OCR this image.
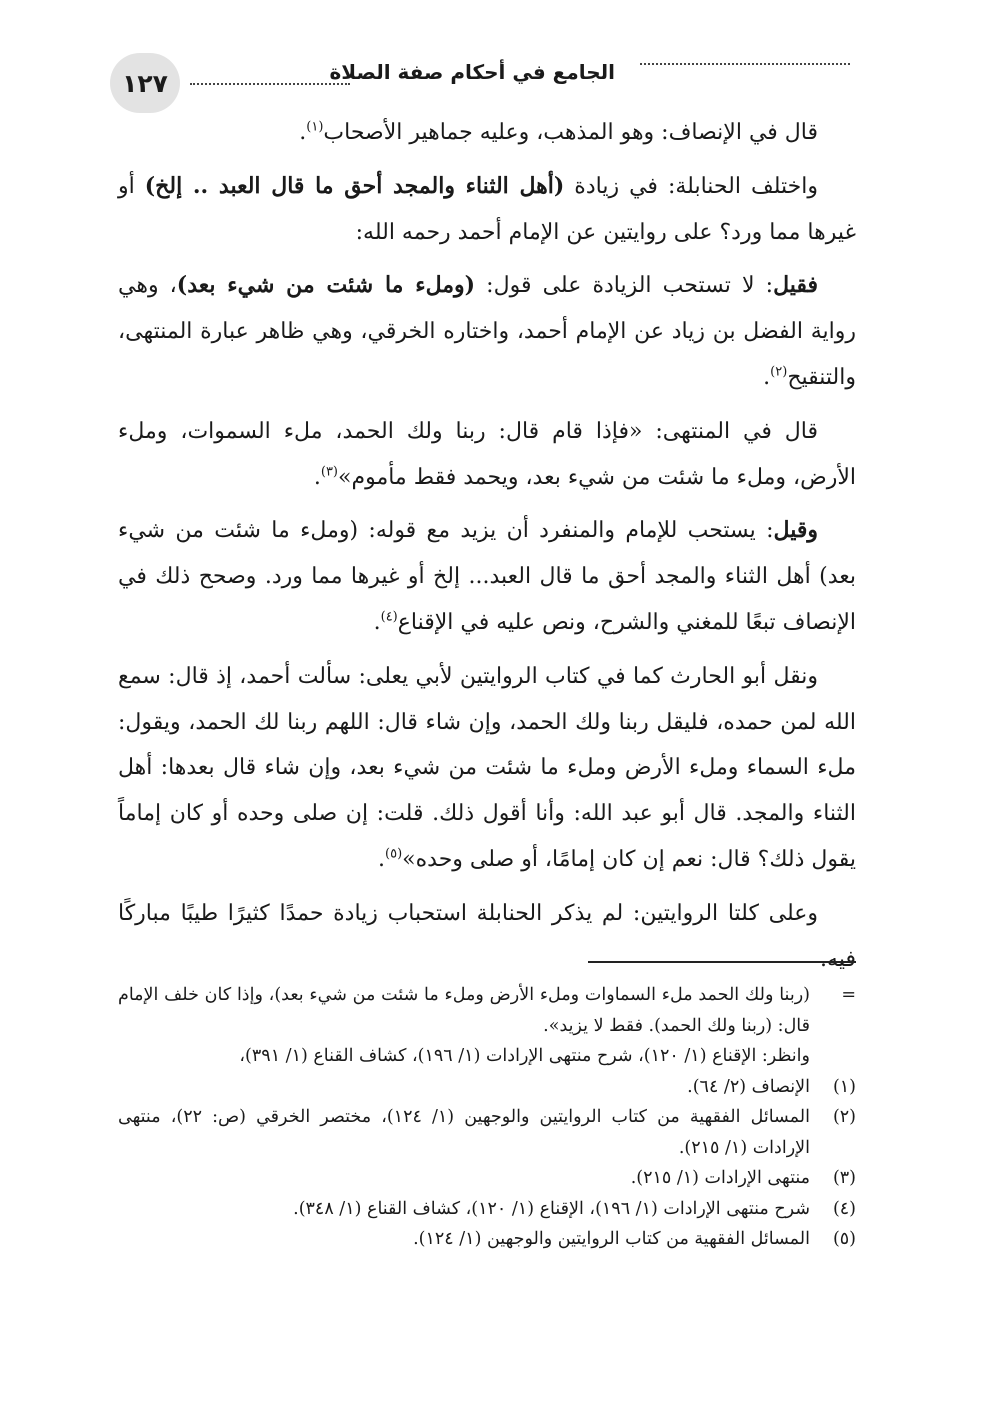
١٢٧	الجامع في أحكام صفة الصلاة

قال في الإنصاف: وهو المذهب، وعليه جماهير الأصحاب$^{(١)}$.

واختلف الحنابلة: في زيادة (أهل الثناء والمجد أحق ما قال العبد .. إلخ) أو غيرها مما ورد؟ على روايتين عن الإمام أحمد رحمه الله:

فقيل: لا تستحب الزيادة على قول: (وملء ما شئت من شيء بعد)، وهي رواية الفضل بن زياد عن الإمام أحمد، واختاره الخرقي، وهي ظاهر عبارة المنتهى، والتنقيح$^{(٢)}$.

قال في المنتهى: «فإذا قام قال: ربنا ولك الحمد، ملء السموات، وملء الأرض، وملء ما شئت من شيء بعد، ويحمد فقط مأموم»$^{(٣)}$.

وقيل: يستحب للإمام والمنفرد أن يزيد مع قوله: (وملء ما شئت من شيء بعد) أهل الثناء والمجد أحق ما قال العبد... إلخ أو غيرها مما ورد. وصحح ذلك في الإنصاف تبعًا للمغني والشرح، ونص عليه في الإقناع$^{(٤)}$.

ونقل أبو الحارث كما في كتاب الروايتين لأبي يعلى: سألت أحمد، إذ قال: سمع الله لمن حمده، فليقل ربنا ولك الحمد، وإن شاء قال: اللهم ربنا لك الحمد، ويقول: ملء السماء وملء الأرض وملء ما شئت من شيء بعد، وإن شاء قال بعدها: أهل الثناء والمجد. قال أبو عبد الله: وأنا أقول ذلك. قلت: إن صلى وحده أو كان إماماً يقول ذلك؟ قال: نعم إن كان إمامًا، أو صلى وحده»$^{(٥)}$.

وعلى كلتا الروايتين: لم يذكر الحنابلة استحباب زيادة حمدًا كثيرًا طيبًا مباركًا فيه.

=
(ربنا ولك الحمد ملء السماوات وملء الأرض وملء ما شئت من شيء بعد)، وإذا كان خلف الإمام قال: (ربنا ولك الحمد). فقط لا يزيد».
وانظر: الإقناع (١/ ١٢٠)، شرح منتهى الإرادات (١/ ١٩٦)، كشاف القناع (١/ ٣٩١)،
(١)
الإنصاف (٢/ ٦٤).
(٢)
المسائل الفقهية من كتاب الروايتين والوجهين (١/ ١٢٤)، مختصر الخرقي (ص: ٢٢)، منتهى الإرادات (١/ ٢١٥).
(٣)
منتهى الإرادات (١/ ٢١٥).
(٤)
شرح منتهى الإرادات (١/ ١٩٦)، الإقناع (١/ ١٢٠)، كشاف القناع (١/ ٣٤٨).
(٥)
المسائل الفقهية من كتاب الروايتين والوجهين (١/ ١٢٤).
